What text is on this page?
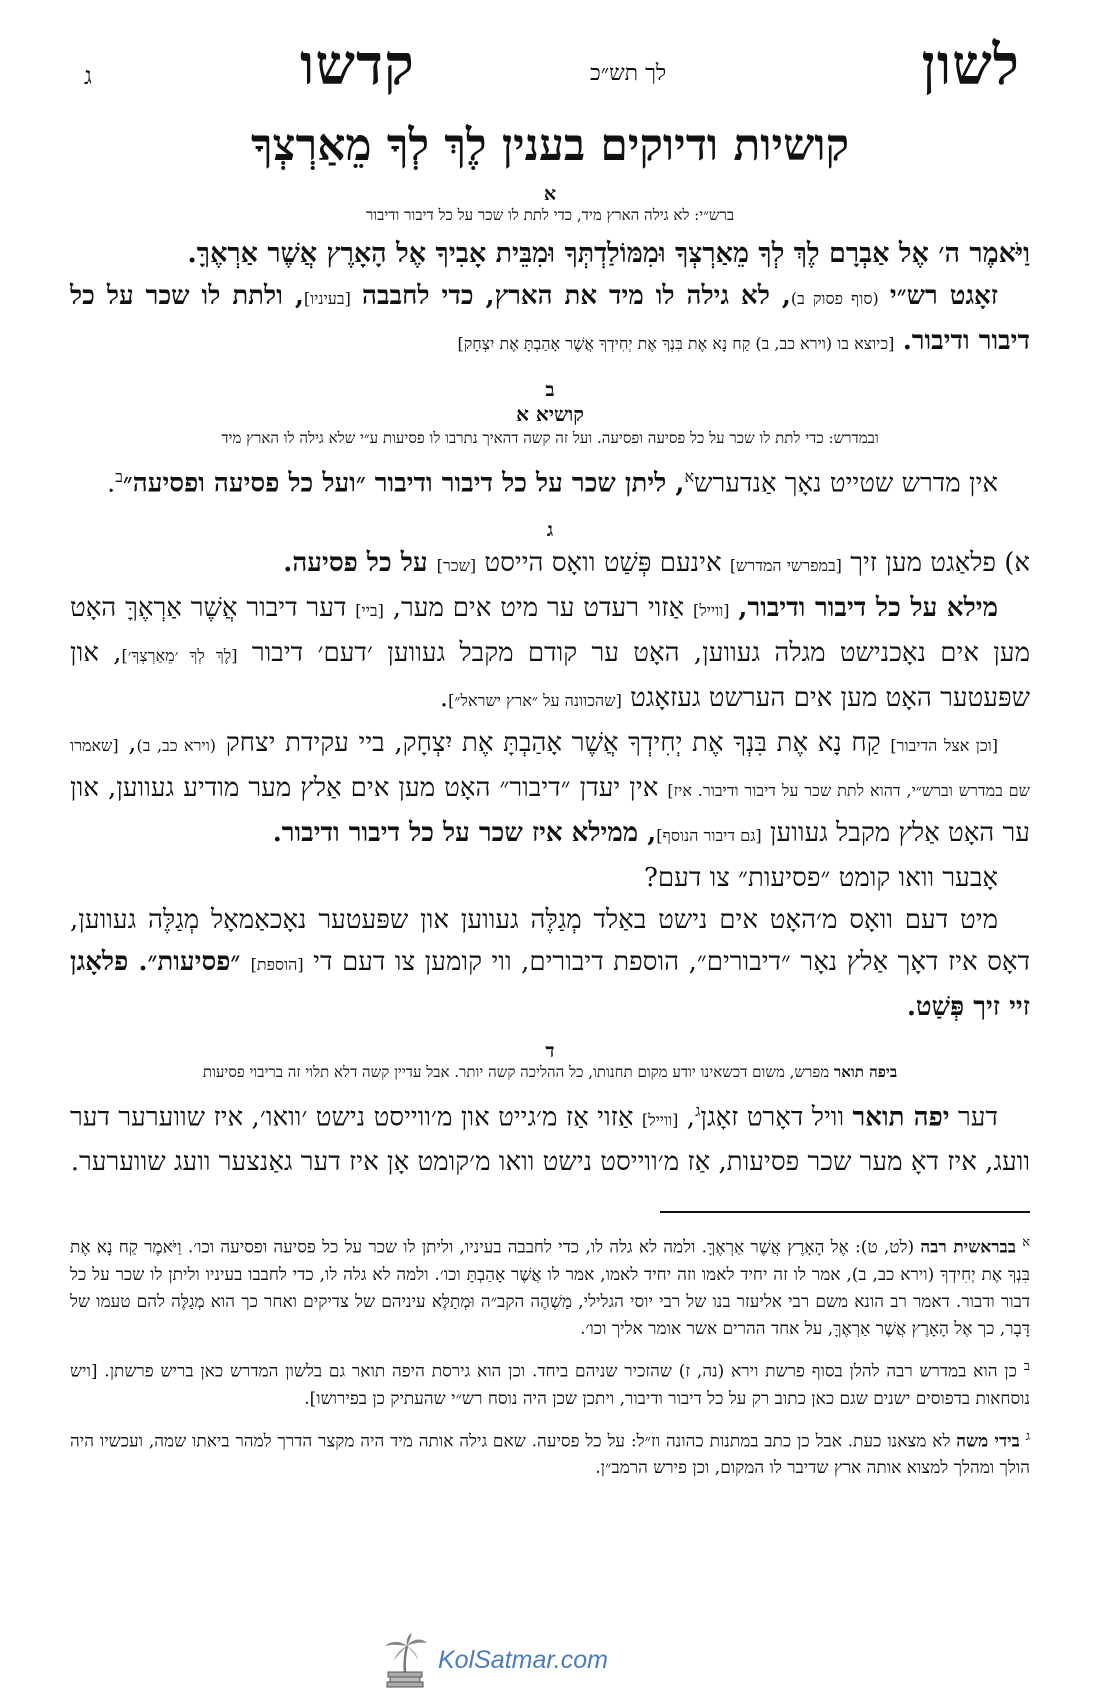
לשון
לך תש״כ
קדשו
ג
קושיות ודיוקים בענין לֶךְ לְךָ מֵאַרְצְךָ
א
ברש״י: לא גילה הארץ מיד, כדי לתת לו שכר על כל דיבור ודיבור

וַיֹּאמֶר ה׳ אֶל אַבְרָם לֶךְ לְךָ מֵאַרְצְךָ וּמִמּוֹלַדְתְּךָ וּמִבֵּית אָבִיךָ אֶל הָאָרֶץ אֲשֶׁר אַרְאֶךָּ.

זאָגט רש״י (סוף פסוק ב), לא גילה לו מיד את הארץ, כדי לחבבה [בעיניו], ולתת לו שכר על כל דיבור ודיבור. [כיוצא בו (וירא כב, ב) קַח נָא אֶת בִּנְךָ אֶת יְחִידְךָ אֲשֶׁר אָהַבְתָּ אֶת יִצְחָק]

ב
קושיא א
ובמדרש: כדי לתת לו שכר על כל פסיעה ופסיעה. ועל זה קשה דהאיך נתרבו לו פסיעות ע״י שלא גילה לו הארץ מיד

אין מדרש שטייט נאָך אַנדערש$^א$, ליתן שכר על כל דיבור ודיבור ״ועל כל פסיעה ופסיעה״$^ב$.

ג

א) פלאַגט מען זיך [במפרשי המדרש] אינעם פְּשַׁט וואָס הייסט [שכר] על כל פסיעה.

מילא על כל דיבור ודיבור, [ווייל] אַזוי רעדט ער מיט אים מער, [ביי] דער דיבור אֲשֶׁר אַרְאֶךָּ האָט מען אים נאָכנישט מגלה געווען, האָט ער קודם מקבל געווען ׳דעם׳ דיבור [לֶךְ לְךָ ׳מֵאַרְצְךָ׳], און שפּעטער האָט מען אים הערשט געזאָגט [שהכוונה על ״ארץ ישראל״].

[וכן אצל הדיבור] קַח נָא אֶת בִּנְךָ אֶת יְחִידְךָ אֲשֶׁר אָהַבְתָּ אֶת יִצְחָק, ביי עקידת יצחק (וירא כב, ב), [שאמרו שם במדרש וברש״י, דהוא לתת שכר על דיבור ודיבור. איז] אין יעדן ״דיבור״ האָט מען אים אַלץ מער מודיע געווען, און ער האָט אַלץ מקבל געווען [גם דיבור הנוסף], ממילא איז שכר על כל דיבור ודיבור.

אָבער וואו קומט ״פסיעות״ צו דעם?

מיט דעם וואָס מ׳האָט אים נישט באַלד מְגַלֶּה געווען און שפּעטער נאָכאַמאָל מְגַלֶּה געווען, דאָס איז דאָך אַלץ נאָר ״דיבורים״, הוספת דיבורים, ווי קומען צו דעם די [הוספת] ״פסיעות״. פלאָגן זיי זיך פְּשַׁט.

ד
ביפה תואר מפרש, משום דכשאינו יודע מקום תחנותו, כל ההליכה קשה יותר. אבל עדיין קשה דלא תלוי זה בריבוי פסיעות

דער יפה תואר וויל דאָרט זאָגן$^ג$, [ווייל] אַזוי אַז מ׳גייט און מ׳ווייסט נישט ׳וואו׳, איז שווערער דער וועג, איז דאָ מער שכר פסיעות, אַז מ׳ווייסט נישט וואו מ׳קומט אָן איז דער גאַנצער וועג שווערער.

$^א$ בבראשית רבה (לט, ט): אֶל הָאָרֶץ אֲשֶׁר אַרְאֶךָּ. ולמה לא גלה לו, כדי לחבבה בעיניו, וליתן לו שכר על כל פסיעה ופסיעה וכו׳. וַיֹּאמֶר קַח נָא אֶת בִּנְךָ אֶת יְחִידְךָ (וירא כב, ב), אמר לו זה יחיד לאמו וזה יחיד לאמו, אמר לו אֲשֶׁר אָהַבְתָּ וכו׳. ולמה לא גלה לו, כדי לחבבו בעיניו וליתן לו שכר על כל דבור ודבור. דאמר רב הונא משם רבי אליעזר בנו של רבי יוסי הגלילי, מַשְׁהֶה הקב״ה וּמְתַלֶּא עיניהם של צדיקים ואחר כך הוא מְגַלֶּה להם טעמו של דָּבָר, כך אֶל הָאָרֶץ אֲשֶׁר אַרְאֶךָּ, על אחד ההרים אשר אומר אליך וכו׳.

$^ב$ כן הוא במדרש רבה להלן בסוף פרשת וירא (נה, ז) שהזכיר שניהם ביחד. וכן הוא גירסת היפה תואר גם בלשון המדרש כאן בריש פרשתן. [ויש נוסחאות בדפוסים ישנים שגם כאן כתוב רק על כל דיבור ודיבור, ויתכן שכן היה נוסח רש״י שהעתיק כן בפירושו].

$^ג$ בידי משה לא מצאנו כעת. אבל כן כתב במתנות כהונה וז״ל: על כל פסיעה. שאם גילה אותה מיד היה מקצר הדרך למהר ביאתו שמה, ועכשיו היה הולך ומהלך למצוא אותה ארץ שדיבר לו המקום, וכן פירש הרמב״ן.

KolSatmar.com
